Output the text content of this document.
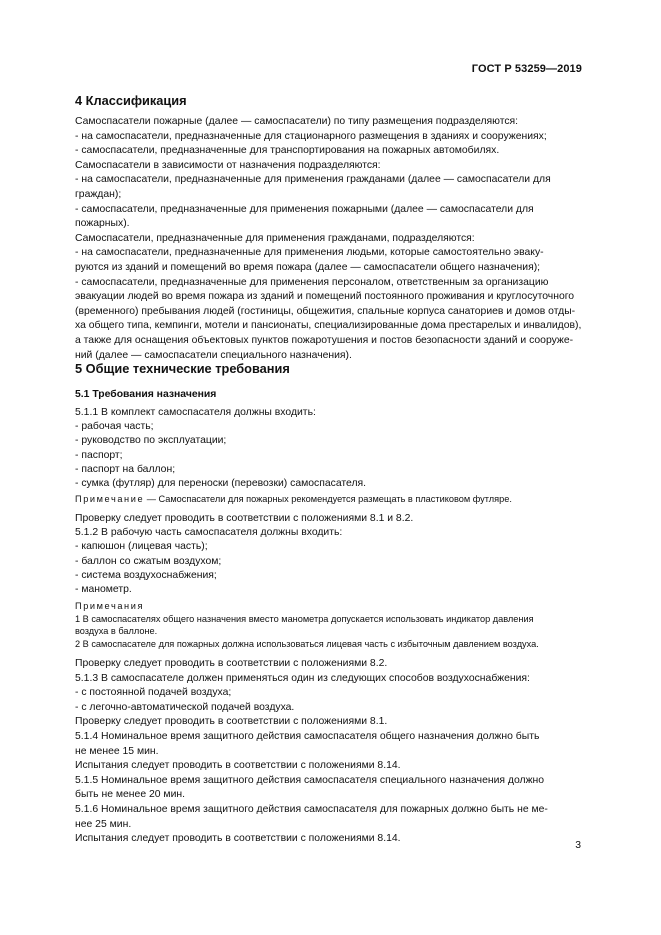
ГОСТ Р 53259—2019
4 Классификация
Самоспасатели пожарные (далее — самоспасатели) по типу размещения подразделяются:
- на самоспасатели, предназначенные для стационарного размещения в зданиях и сооружениях;
- самоспасатели, предназначенные для транспортирования на пожарных автомобилях.
Самоспасатели в зависимости от назначения подразделяются:
- на самоспасатели, предназначенные для применения гражданами (далее — самоспасатели для
граждан);
- самоспасатели, предназначенные для применения пожарными (далее — самоспасатели для
пожарных).
Самоспасатели, предназначенные для применения гражданами, подразделяются:
- на самоспасатели, предназначенные для применения людьми, которые самостоятельно эваку-
руются из зданий и помещений во время пожара (далее — самоспасатели общего назначения);
- самоспасатели, предназначенные для применения персоналом, ответственным за организацию
эвакуации людей во время пожара из зданий и помещений постоянного проживания и круглосуточного
(временного) пребывания людей (гостиницы, общежития, спальные корпуса санаториев и домов отды-
ха общего типа, кемпинги, мотели и пансионаты, специализированные дома престарелых и инвалидов),
а также для оснащения объектовых пунктов пожаротушения и постов безопасности зданий и сооруже-
ний (далее — самоспасатели специального назначения).
5 Общие технические требования
5.1 Требования назначения
5.1.1 В комплект самоспасателя должны входить:
- рабочая часть;
- руководство по эксплуатации;
- паспорт;
- паспорт на баллон;
- сумка (футляр) для переноски (перевозки) самоспасателя.
Примечание — Самоспасатели для пожарных рекомендуется размещать в пластиковом футляре.
Проверку следует проводить в соответствии с положениями 8.1 и 8.2.
5.1.2 В рабочую часть самоспасателя должны входить:
- капюшон (лицевая часть);
- баллон со сжатым воздухом;
- система воздухоснабжения;
- манометр.
Примечания
1 В самоспасателях общего назначения вместо манометра допускается использовать индикатор давления
воздуха в баллоне.
2 В самоспасателе для пожарных должна использоваться лицевая часть с избыточным давлением воздуха.
Проверку следует проводить в соответствии с положениями 8.2.
5.1.3 В самоспасателе должен применяться один из следующих способов воздухоснабжения:
- с постоянной подачей воздуха;
- с легочно-автоматической подачей воздуха.
Проверку следует проводить в соответствии с положениями 8.1.
5.1.4 Номинальное время защитного действия самоспасателя общего назначения должно быть
не менее 15 мин.
Испытания следует проводить в соответствии с положениями 8.14.
5.1.5 Номинальное время защитного действия самоспасателя специального назначения должно
быть не менее 20 мин.
5.1.6 Номинальное время защитного действия самоспасателя для пожарных должно быть не ме-
нее 25 мин.
Испытания следует проводить в соответствии с положениями 8.14.
3
